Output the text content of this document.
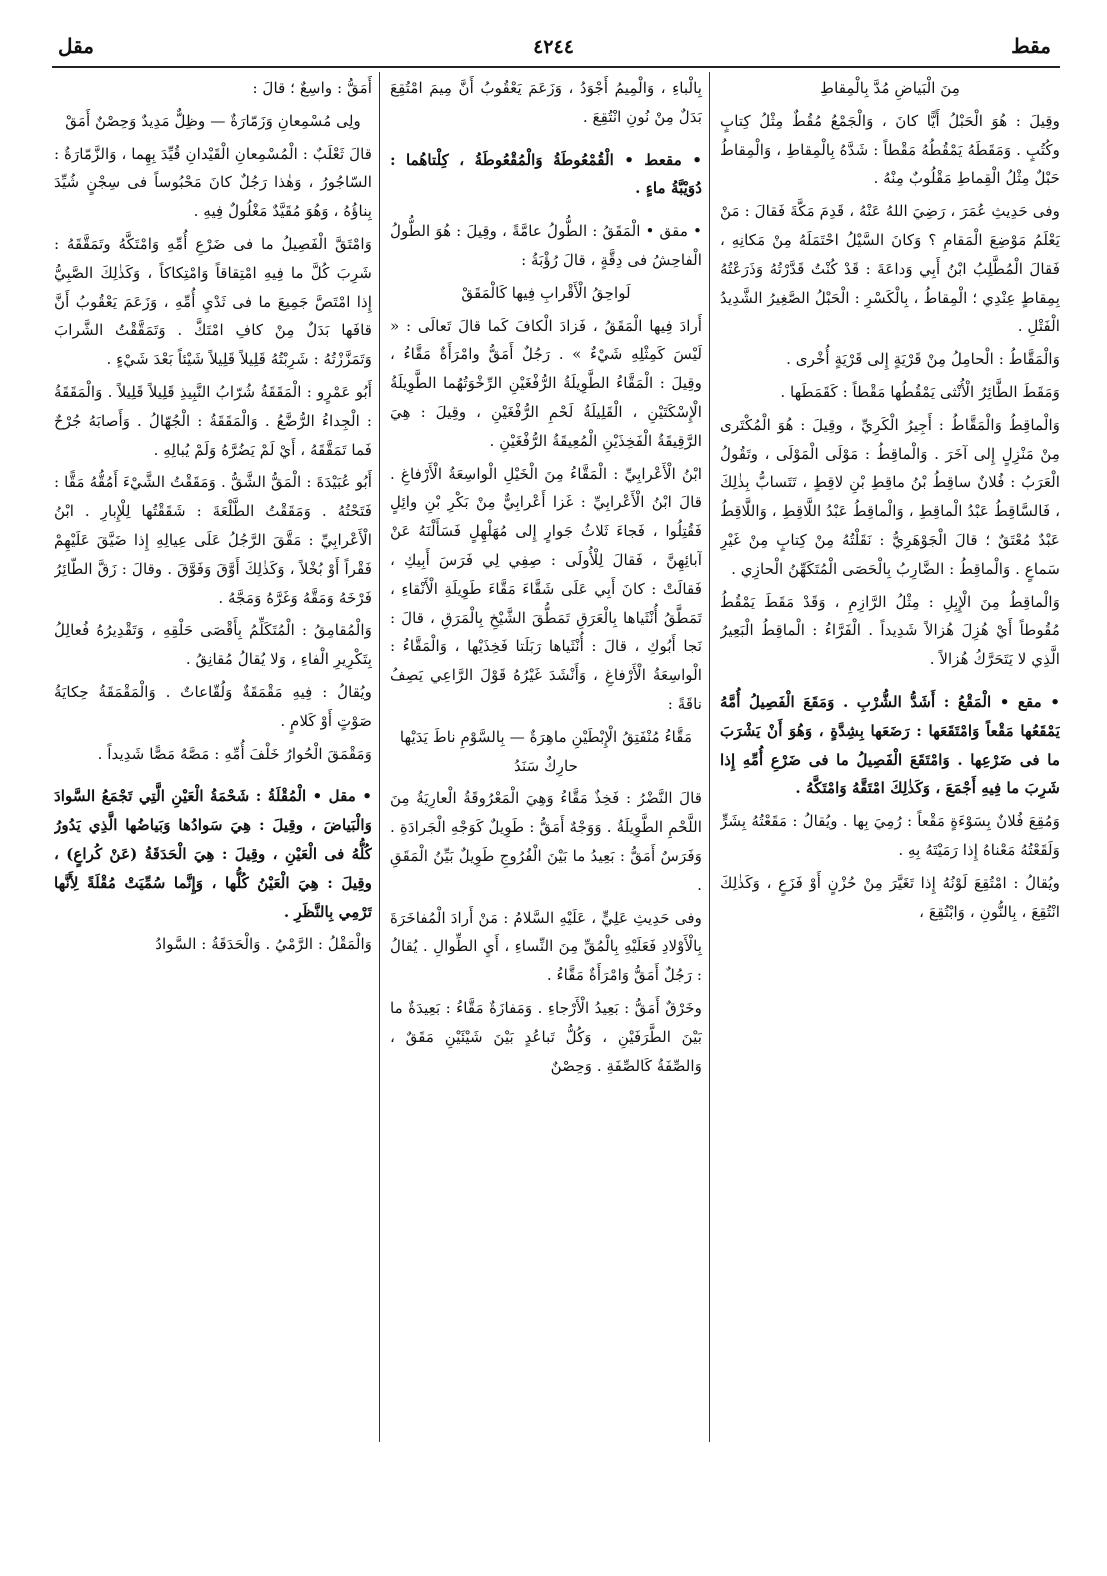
مقل	٤٢٤٤	مقط

مِنَ الْبَياضِ مُدَّ بِالْمِقاطِ

وقِيلَ : هُوَ الْحَبْلُ أَيًّا كانَ ، وَالْجَمْعُ مُقُطٌ مِثْلُ كِتابٍ وكُتُبٍ . وَمَقَطَهُ يَمْقُطُهُ مَقْطاً : شَدَّهُ بِالْمِقاطِ ، وَالْمِقاطُ حَبْلٌ مِثْلُ الْقِماطِ مَقْلُوبٌ مِنْهُ .

وفى حَدِيثِ عُمَرَ ، رَضِيَ اللهُ عَنْهُ ، قَدِمَ مَكَّةَ فَقالَ : مَنْ يَعْلَمُ مَوْضِعَ الْمَقامِ ؟ وَكانَ السَّيْلُ احْتَمَلَهُ مِنْ مَكانِهِ ، فَقالَ الْمُطَّلِبُ ابْنُ أَبِي وَداعَةَ : قَدْ كُنْتُ قَدَّرْتُهُ وَذَرَعْتُهُ بِمِقاطٍ عِنْدِي ؛ الْمِقاطُ ، بِالْكَسْرِ : الْحَبْلُ الصَّغِيرُ الشَّدِيدُ الْفَتْلِ .

وَالْمَقَّاطُ : الْحامِلُ مِنْ قَرْيَةٍ إِلى قَرْيَةٍ أُخْرى .

وَمَقَطَ الطَّائِرُ الْأُنْثى يَمْقُطُها مَقْطاً : كَقَمَطَها .

وَالْماقِطُ وَالْمَقَّاطُ : أَجِيرُ الْكَرِيِّ ، وقِيلَ : هُوَ الْمُكْتَرى مِنْ مَنْزِلٍ إِلى آخَرَ . وَالْماقِطُ : مَوْلَى الْمَوْلَى ، وتَقُولُ الْعَرَبُ : فُلانٌ ساقِطُ بْنُ ماقِطِ بْنِ لاقِطٍ ، تَتَسابُّ بِذٰلِكَ ، فَالسَّاقِطُ عَبْدُ الْماقِطِ ، وَالْماقِطُ عَبْدُ اللَّاقِطِ ، وَاللَّاقِطُ عَبْدٌ مُعْتَقٌ ؛ قالَ الْجَوْهَرِيُّ : نَقَلْتُهُ مِنْ كِتابٍ مِنْ غَيْرِ سَماعٍ . وَالْماقِطُ : الضَّارِبُ بِالْحَصَى الْمُتَكَهِّنُ الْحازِي .

وَالْماقِطُ مِنَ الْإِبِلِ : مِثْلُ الرَّازِمِ ، وَقَدْ مَقَطَ يَمْقُطُ مُقُوطاً أَيْ هُزِلَ هُزالاً شَدِيداً . الْفَرَّاءُ : الْماقِطُ الْبَعِيرُ الَّذِي لا يَتَحَرَّكُ هُزالاً .

• مقع • الْمَقْعُ : أَشَدُّ الشُّرْبِ . وَمَقَعَ الْفَصِيلُ أُمَّهُ يَمْقَعُها مَقْعاً وَامْتَقَعَها : رَضَعَها بِشِدَّةٍ ، وَهُوَ أَنْ يَشْرَبَ ما فى ضَرْعِها . وَامْتَقَعَ الْفَصِيلُ ما فى ضَرْعِ أُمِّهِ إِذا شَرِبَ ما فِيهِ أَجْمَعَ ، وَكَذٰلِكَ امْتَقَّهُ وَامْتَكَّهُ .

وَمُقِعَ فُلانٌ بِسَوْءَةٍ مَقْعاً : رُمِيَ بِها . ويُقالُ : مَقَعْتُهُ بِشَرٍّ وَلَقَعْتُهُ مَعْناهُ إِذا رَمَيْتَهُ بِهِ .

ويُقالُ : امْتُقِعَ لَوْنُهُ إِذا تَغَيَّرَ مِنْ حُزْنٍ أَوْ فَزَعٍ ، وَكَذٰلِكَ انْتُقِعَ ، بِالنُّونِ ، وَابْتُقِعَ ،

بِالْباءِ ، وَالْمِيمُ أَجْوَدُ ، وَزَعَمَ يَعْقُوبُ أَنَّ مِيمَ امْتُقِعَ بَدَلٌ مِنْ نُونِ انْتُقِعَ .

• مقعط • الْقُمْعُوطَةُ وَالْمُقْعُوطَةُ ، كِلْتاهُما : دُوَيْبَّةُ ماءٍ .

• مقق • الْمَقَقُ : الطُّولُ عامَّةً ، وقِيلَ : هُوَ الطُّولُ الْفاحِشُ فى دِقَّةٍ ، قالَ رُؤْبَةُ :

لَواحِقُ الْأَقْرابِ فِيها كَالْمَقَقْ

أَرادَ فِيها الْمَقَقُ ، فَزادَ الْكافَ كَما قالَ تَعالَى : « لَيْسَ كَمِثْلِهِ شَيْءٌ » . رَجُلٌ أَمَقُّ وامْرَأَةٌ مَقَّاءُ ، وقِيلَ : الْمَقَّاءُ الطَّوِيلَةُ الرُّفْغَيْنِ الرِّخْوَتُهُما الطَّوِيلَةُ الْإِسْكَتَيْنِ ، الْقَلِيلَةُ لَحْمِ الرُّفْغَيْنِ ، وقِيلَ : هِيَ الرَّقِيقَةُ الْفَخِذَيْنِ الْمُعِيقَةُ الرُّفْغَيْنِ .

ابْنُ الْأَعْرابِيِّ : الْمَقَّاءُ مِنَ الْخَيْلِ الْواسِعَةُ الْأَرْفاغِ . قالَ ابْنُ الْأَعْرابِيِّ : غَزا أَعْرابِيٌّ مِنْ بَكْرِ بْنِ وائِلٍ فَقُتِلُوا ، فَجاءَ ثَلاثُ جَوارٍ إِلى مُهَلْهِلٍ فَسَأَلْنَهُ عَنْ آبائِهِنَّ ، فَقالَ لِلْأُولَى : صِفِي لِي فَرَسَ أَبِيكِ ، فَقالَتْ : كانَ أَبِي عَلَى شَقَّاءَ مَقَّاءَ طَوِيلَةِ الْأَنْقاءِ ، تَمَطَّقُ أُنْثَياها بِالْعَرَقِ تَمَطُّقَ الشَّيْخِ بِالْمَرَقِ ، قالَ : نَجا أَبُوكِ ، قالَ : أُنْثَياها رَبَلَتا فَخِذَيْها ، وَالْمَقَّاءُ : الْواسِعَةُ الْأَرْفاغِ ، وَأَنْشَدَ غَيْرُهُ قَوْلَ الرَّاعِي يَصِفُ ناقَةً :

مَقَّاءُ مُنْفَتِقُ الْإِبْطَيْنِ ماهِرَةٌ — بِالسَّوْمِ ناطَ يَدَيْها حارِكٌ سَنَدُ

قالَ النَّضْرُ : فَخِذٌ مَقَّاءُ وَهِيَ الْمَعْرُوقَةُ الْعارِيَةُ مِنَ اللَّحْمِ الطَّوِيلَةُ . وَوَجْهٌ أَمَقُّ : طَوِيلٌ كَوَجْهِ الْجَرادَةِ . وَفَرَسٌ أَمَقُّ : بَعِيدُ ما بَيْنَ الْفُرُوجِ طَوِيلٌ بَيِّنُ الْمَقَقِ .

وفى حَدِيثِ عَلِيٍّ ، عَلَيْهِ السَّلامُ : مَنْ أَرادَ الْمُفاخَرَةَ بِالْأَوْلادِ فَعَلَيْهِ بِالْمُقِّ مِنَ النِّساءِ ، أَيِ الطِّوالِ . يُقالُ : رَجُلٌ أَمَقُّ وَامْرَأَةٌ مَقَّاءُ .

وخَرْقٌ أَمَقُّ : بَعِيدُ الْأَرْجاءِ . وَمَفازَةٌ مَقَّاءُ : بَعِيدَةٌ ما بَيْنَ الطَّرَفَيْنِ ، وَكُلُّ تَباعُدٍ بَيْنَ شَيْئَيْنِ مَقَقٌ ، وَالصِّفَةُ كَالصِّفَةِ . وَحِصْنٌ

أَمَقُّ : واسِعٌ ؛ قالَ :

ولِى مُسْمِعانِ وَزَمّارَةٌ — وظِلٌّ مَدِيدٌ وَحِصْنٌ أَمَقْ

قالَ ثَعْلَبٌ : الْمُسْمِعانِ الْقَيْدانِ قُيِّدَ بِهِما ، وَالزَّمّارَةُ : السّاجُورُ ، وَهٰذا رَجُلٌ كانَ مَحْبُوساً فى سِجْنٍ شُيِّدَ بِناؤُهُ ، وَهُوَ مُقَيَّدٌ مَغْلُولٌ فِيهِ .

وَامْتَقَّ الْفَصِيلُ ما فى ضَرْعِ أُمِّهِ وَامْتَكَّهُ وتَمَقَّقَهُ : شَرِبَ كُلَّ ما فِيهِ امْتِقاقاً وَامْتِكاكاً ، وَكَذٰلِكَ الصَّبِيُّ إِذا امْتَصَّ جَمِيعَ ما فى ثَدْيِ أُمِّهِ ، وَزَعَمَ يَعْقُوبُ أَنَّ قافَها بَدَلٌ مِنْ كافِ امْتَكَّ . وَتَمَقَّقْتُ الشَّرابَ وَتَمَزَّزْتُهُ : شَرِبْتُهُ قَلِيلاً قَلِيلاً شَيْئاً بَعْدَ شَيْءٍ .

أَبُو عَمْرٍو : الْمَقَقَةُ شُرّابُ النَّبِيذِ قَلِيلاً قَلِيلاً . وَالْمَقَقَةُ : الْجِداءُ الرُّضَّعُ . وَالْمَقَقَةُ : الْجُهّالُ . وَأَصابَهُ جُرْحٌ فَما تَمَقَّقَهُ ، أَيْ لَمْ يَضُرَّهُ وَلَمْ يُبالِهِ .

أَبُو عُبَيْدَةَ : الْمَقُّ الشَّقُّ . وَمَقَقْتُ الشَّيْءَ أَمُقُّهُ مَقًّا : فَتَحْتُهُ . وَمَقَقْتُ الطَّلْعَةَ : شَقَقْتُها لِلْإِبارِ . ابْنُ الْأَعْرابِيِّ : مَقَّقَ الرَّجُلُ عَلَى عِيالِهِ إِذا ضَيَّقَ عَلَيْهِمْ فَقْراً أَوْ بُخْلاً ، وَكَذٰلِكَ أَوَّقَ وَفَوَّقَ . وقالَ : زَقَّ الطّائِرُ فَرْخَهُ وَمَقَّهُ وَغَرَّهُ وَمَجَّهُ .

وَالْمُقامِقُ : الْمُتَكَلِّمُ بِأَقْصَى حَلْقِهِ ، وَتَقْدِيرُهُ فُعالِلُ بِتَكْرِيرِ الْفاءِ ، وَلا يُقالُ مُقانِقُ .

ويُقالُ : فِيهِ مَقْمَقَةٌ وَلُقّاعاتٌ . وَالْمَقْمَقَةُ حِكايَةُ صَوْتٍ أَوْ كَلامٍ .

وَمَقْمَقَ الْحُوارُ خَلْفَ أُمِّهِ : مَصَّهُ مَصًّا شَدِيداً .

• مقل • الْمُقْلَةُ : شَحْمَةُ الْعَيْنِ الَّتِي تَجْمَعُ السَّوادَ وَالْبَياضَ ، وقِيلَ : هِيَ سَوادُها وَبَياضُها الَّذِي يَدُورُ كُلُّهُ فى الْعَيْنِ ، وقِيلَ : هِيَ الْحَدَقَةُ (عَنْ كُراعٍ) ، وقِيلَ : هِيَ الْعَيْنُ كُلُّها ، وَإِنَّما سُمِّيَتْ مُقْلَةً لِأَنَّها تَرْمِي بِالنَّظَرِ .

وَالْمَقْلُ : الرَّمْيُ . وَالْحَدَقَةُ : السَّوادُ
